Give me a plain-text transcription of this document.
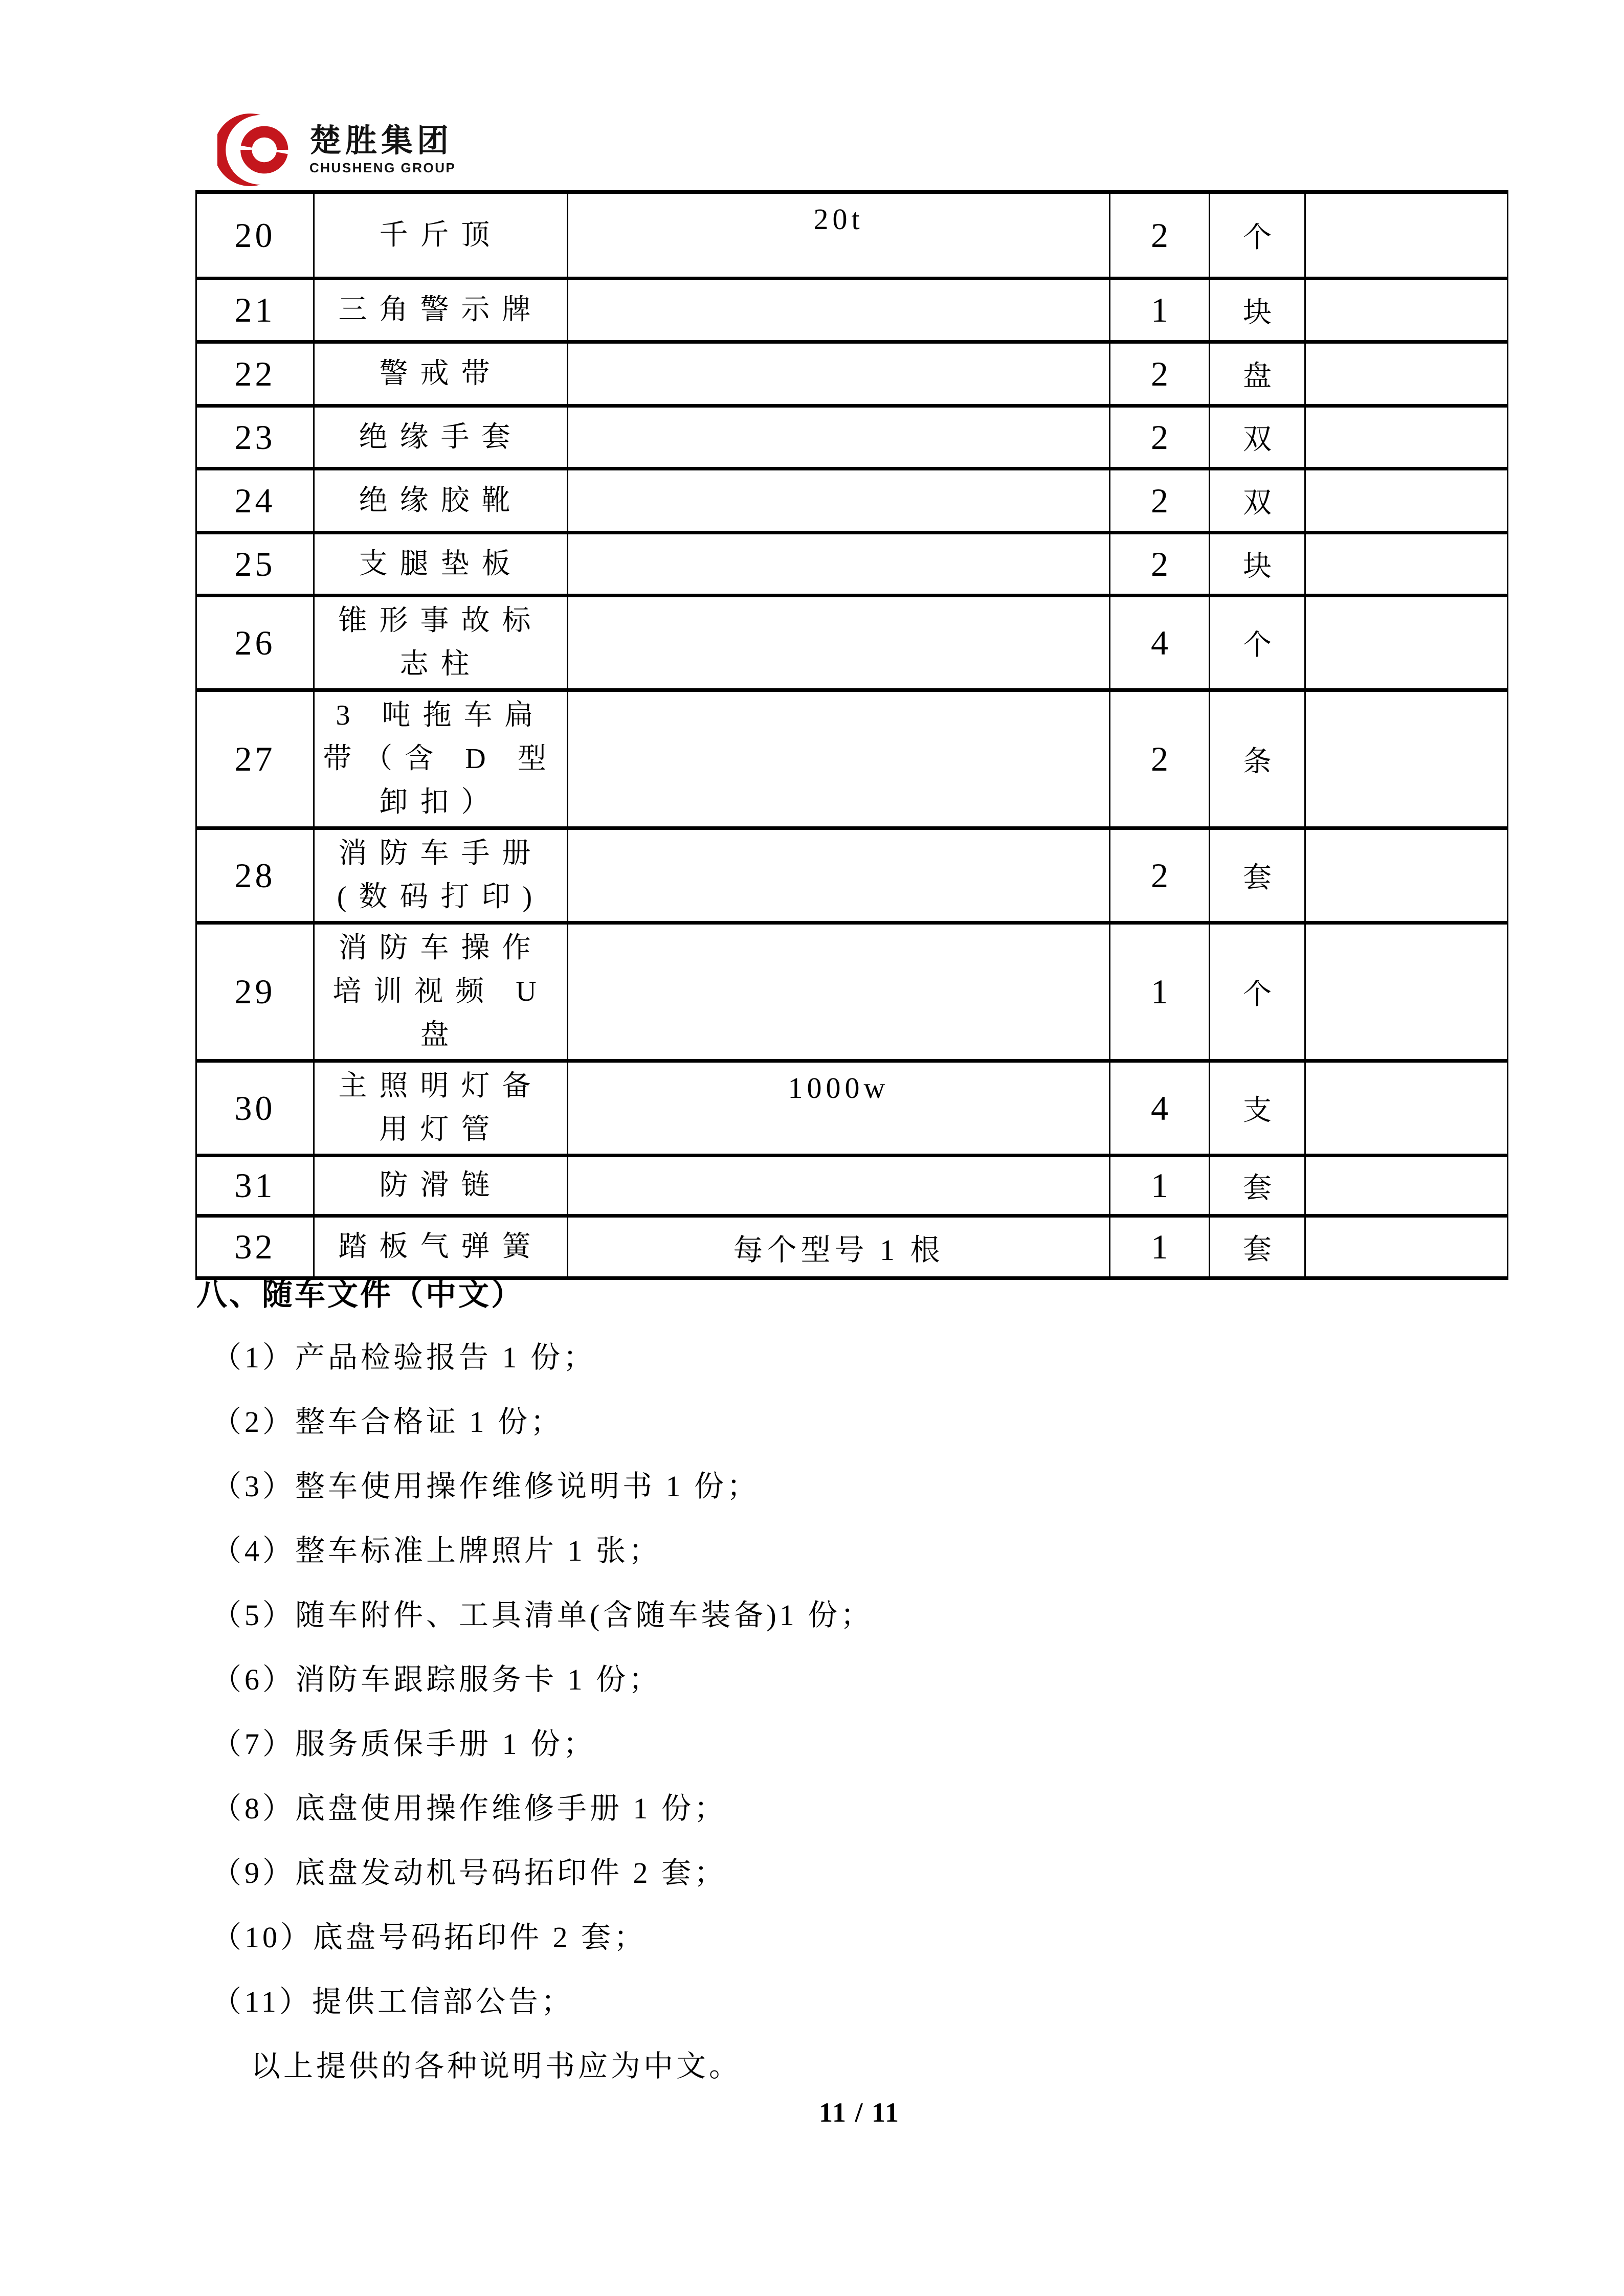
楚胜集团
CHUSHENG GROUP
20	千斤顶	20t	2	个	
21	三角警示牌		1	块	
22	警戒带		2	盘	
23	绝缘手套		2	双	
24	绝缘胶靴		2	双	
25	支腿垫板		2	块	
26	锥形事故标志柱		4	个	
27	3 吨拖车扁带（含 D 型卸扣）		2	条	
28	消防车手册(数码打印)		2	套	
29	消防车操作培训视频 U 盘		1	个	
30	主照明灯备用灯管	1000w	4	支	
31	防滑链		1	套	
32	踏板气弹簧	每个型号 1 根	1	套	
八、随车文件（中文）
（1）产品检验报告 1 份；
（2）整车合格证 1 份；
（3）整车使用操作维修说明书 1 份；
（4）整车标准上牌照片 1 张；
（5）随车附件、工具清单(含随车装备)1 份；
（6）消防车跟踪服务卡 1 份；
（7）服务质保手册 1 份；
（8）底盘使用操作维修手册 1 份；
（9）底盘发动机号码拓印件 2 套；
（10）底盘号码拓印件 2 套；
（11）提供工信部公告；
以上提供的各种说明书应为中文。
11 / 11
